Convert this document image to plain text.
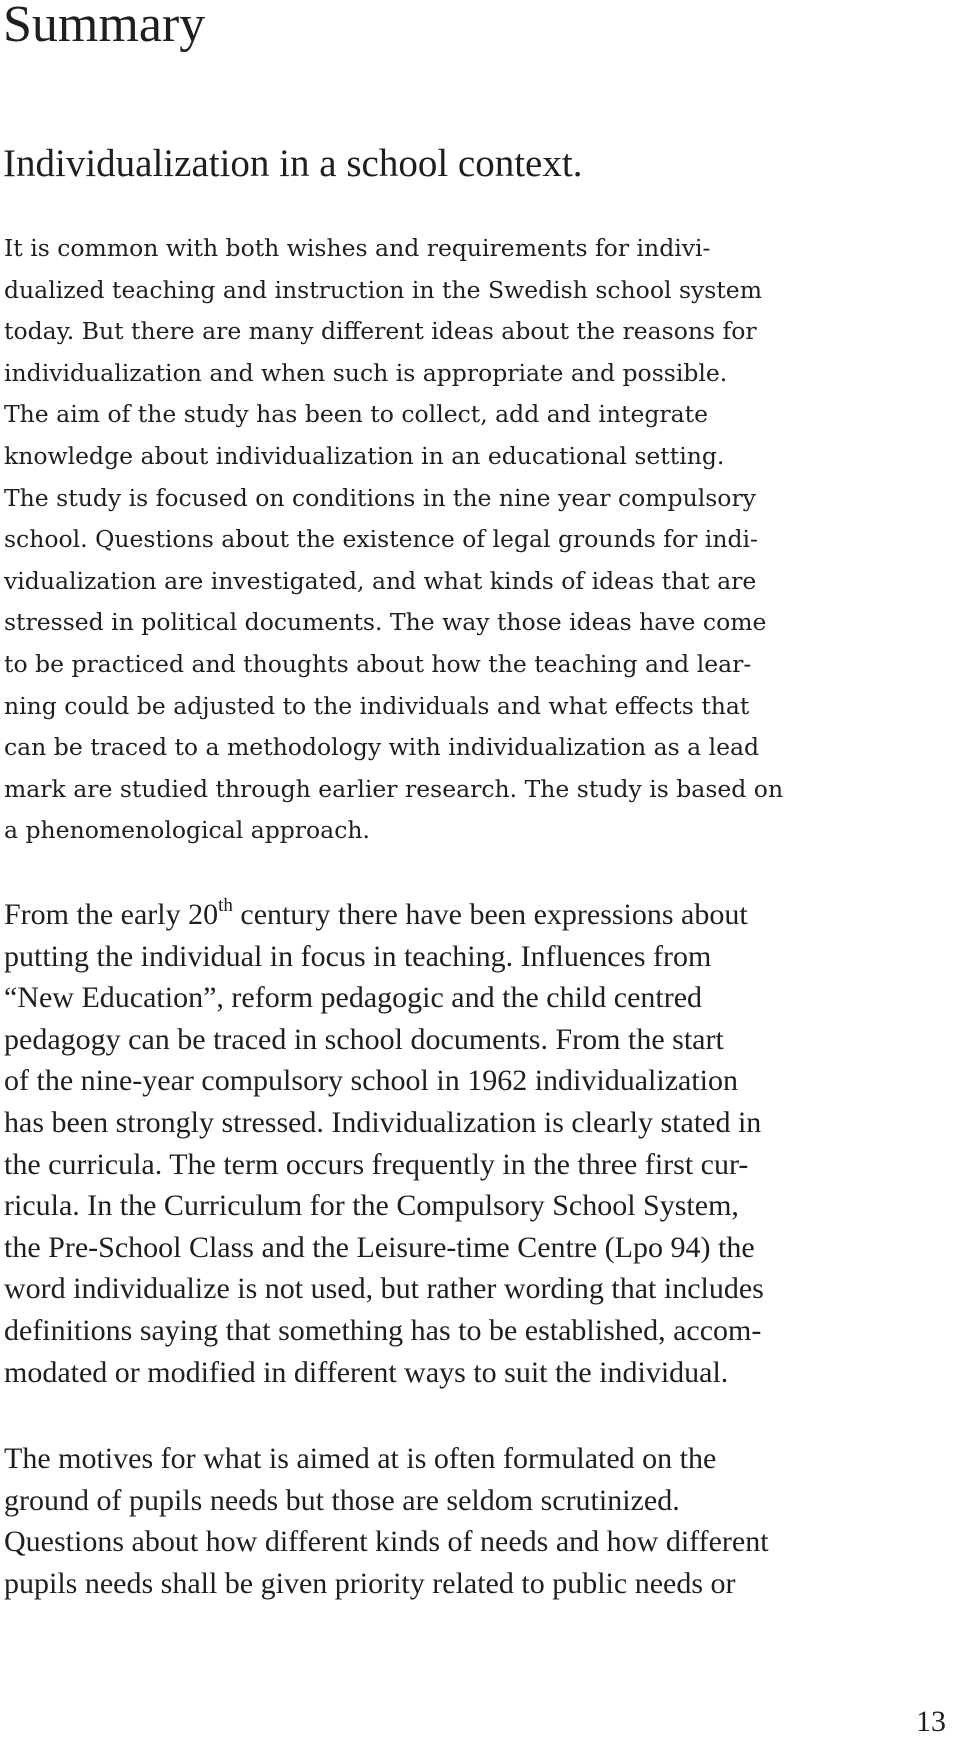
Summary
Individualization in a school context.

It is common with both wishes and requirements for indivi-
dualized teaching and instruction in the Swedish school system
today. But there are many different ideas about the reasons for
individualization and when such is appropriate and possible.
The aim of the study has been to collect, add and integrate
knowledge about individualization in an educational setting.
The study is focused on conditions in the nine year compulsory
school. Questions about the existence of legal grounds for indi-
vidualization are investigated, and what kinds of ideas that are
stressed in political documents. The way those ideas have come
to be practiced and thoughts about how the teaching and lear-
ning could be adjusted to the individuals and what effects that
can be traced to a methodology with individualization as a lead
mark are studied through earlier research. The study is based on
a phenomenological approach.

From the early 20th century there have been expressions about
putting the individual in focus in teaching. Influences from
“New Education”, reform pedagogic and the child centred
pedagogy can be traced in school documents. From the start
of the nine-year compulsory school in 1962 individualization
has been strongly stressed. Individualization is clearly stated in
the curricula. The term occurs frequently in the three first cur-
ricula. In the Curriculum for the Compulsory School System,
the Pre-School Class and the Leisure-time Centre (Lpo 94) the
word individualize is not used, but rather wording that includes
definitions saying that something has to be established, accom-
modated or modified in different ways to suit the individual.

The motives for what is aimed at is often formulated on the
ground of pupils needs but those are seldom scrutinized.
Questions about how different kinds of needs and how different
pupils needs shall be given priority related to public needs or

13
